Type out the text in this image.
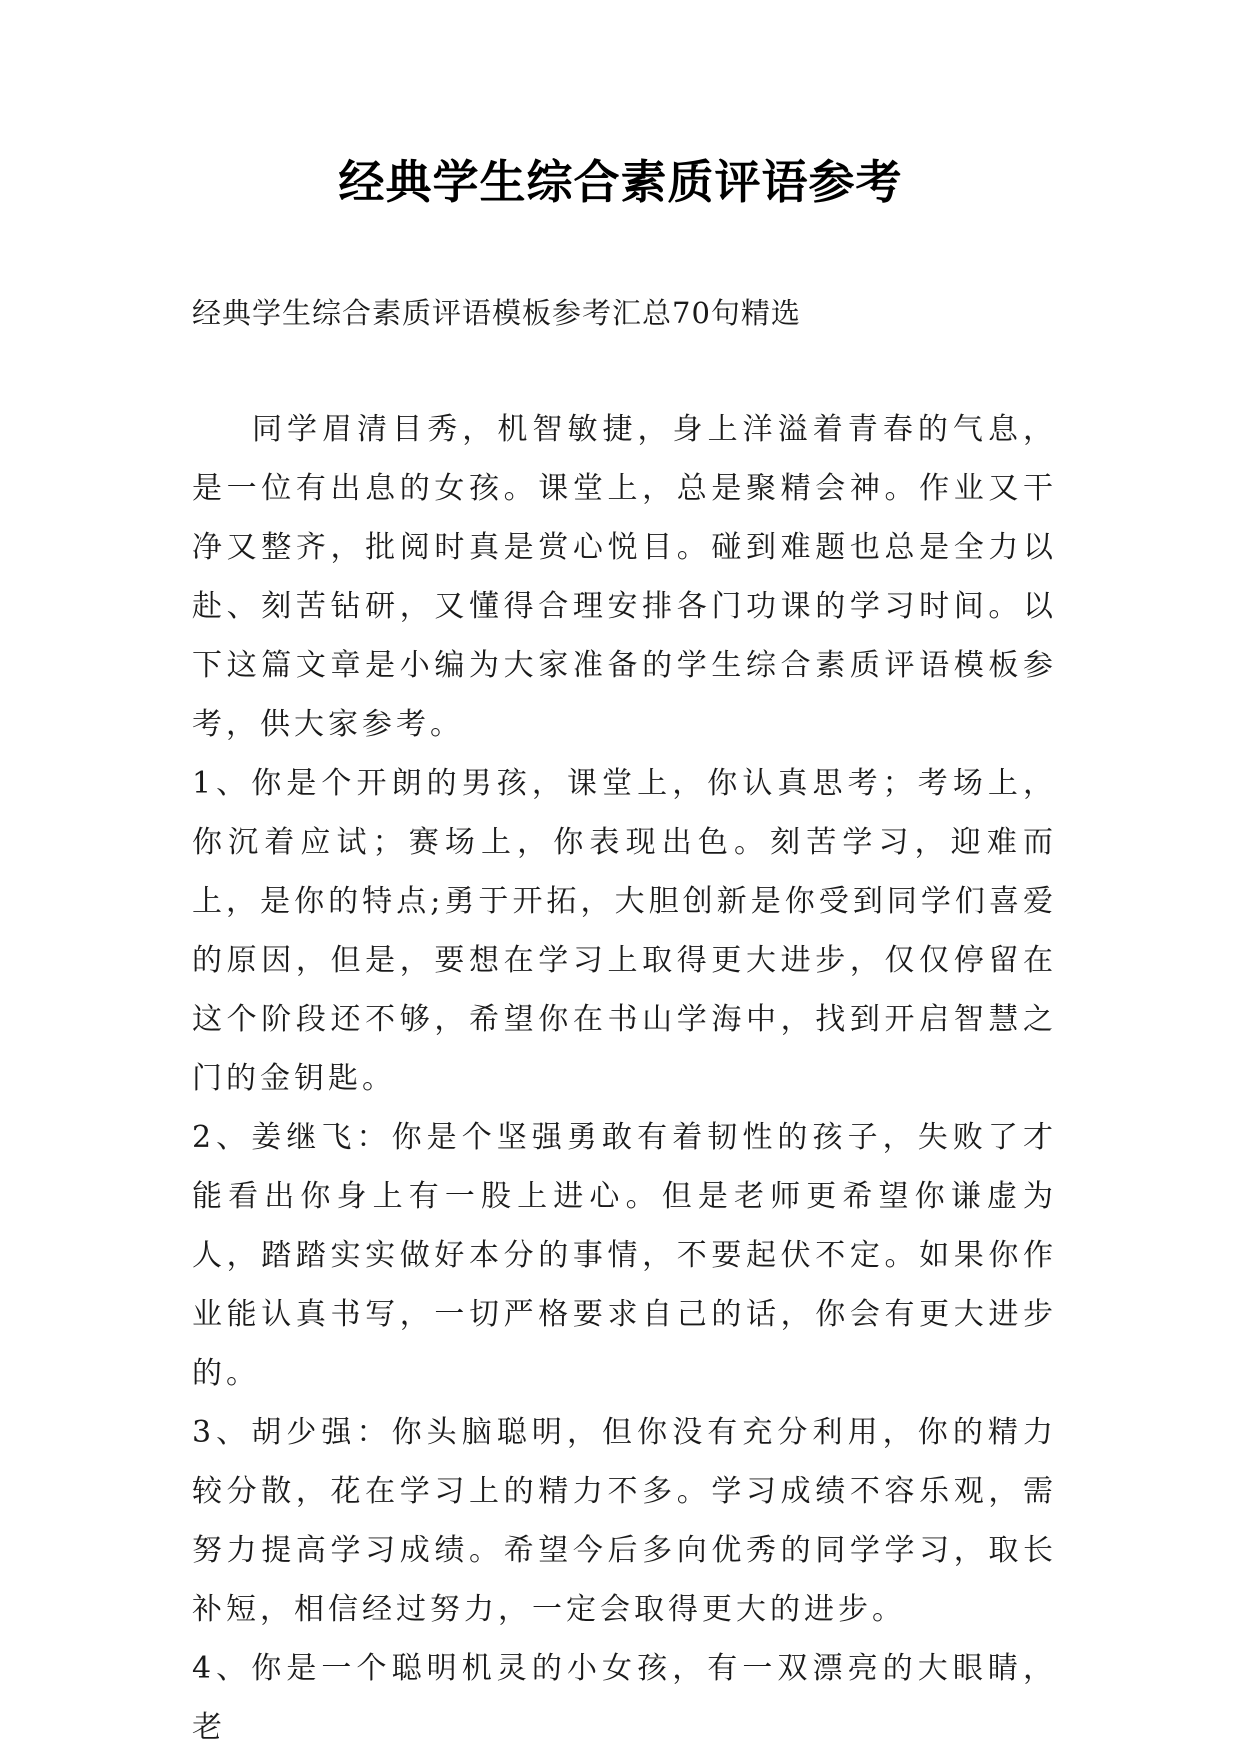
经典学生综合素质评语参考

经典学生综合素质评语模板参考汇总70句精选

同学眉清目秀，机智敏捷，身上洋溢着青春的气息，是一位有出息的女孩。课堂上，总是聚精会神。作业又干净又整齐，批阅时真是赏心悦目。碰到难题也总是全力以赴、刻苦钻研，又懂得合理安排各门功课的学习时间。以下这篇文章是小编为大家准备的学生综合素质评语模板参考，供大家参考。

1、你是个开朗的男孩，课堂上，你认真思考；考场上，你沉着应试；赛场上，你表现出色。刻苦学习，迎难而上，是你的特点;勇于开拓，大胆创新是你受到同学们喜爱的原因，但是，要想在学习上取得更大进步，仅仅停留在这个阶段还不够，希望你在书山学海中，找到开启智慧之门的金钥匙。

2、姜继飞：你是个坚强勇敢有着韧性的孩子，失败了才能看出你身上有一股上进心。但是老师更希望你谦虚为人，踏踏实实做好本分的事情，不要起伏不定。如果你作业能认真书写，一切严格要求自己的话，你会有更大进步的。

3、胡少强：你头脑聪明，但你没有充分利用，你的精力较分散，花在学习上的精力不多。学习成绩不容乐观，需努力提高学习成绩。希望今后多向优秀的同学学习，取长补短，相信经过努力，一定会取得更大的进步。

4、你是一个聪明机灵的小女孩，有一双漂亮的大眼睛，老
